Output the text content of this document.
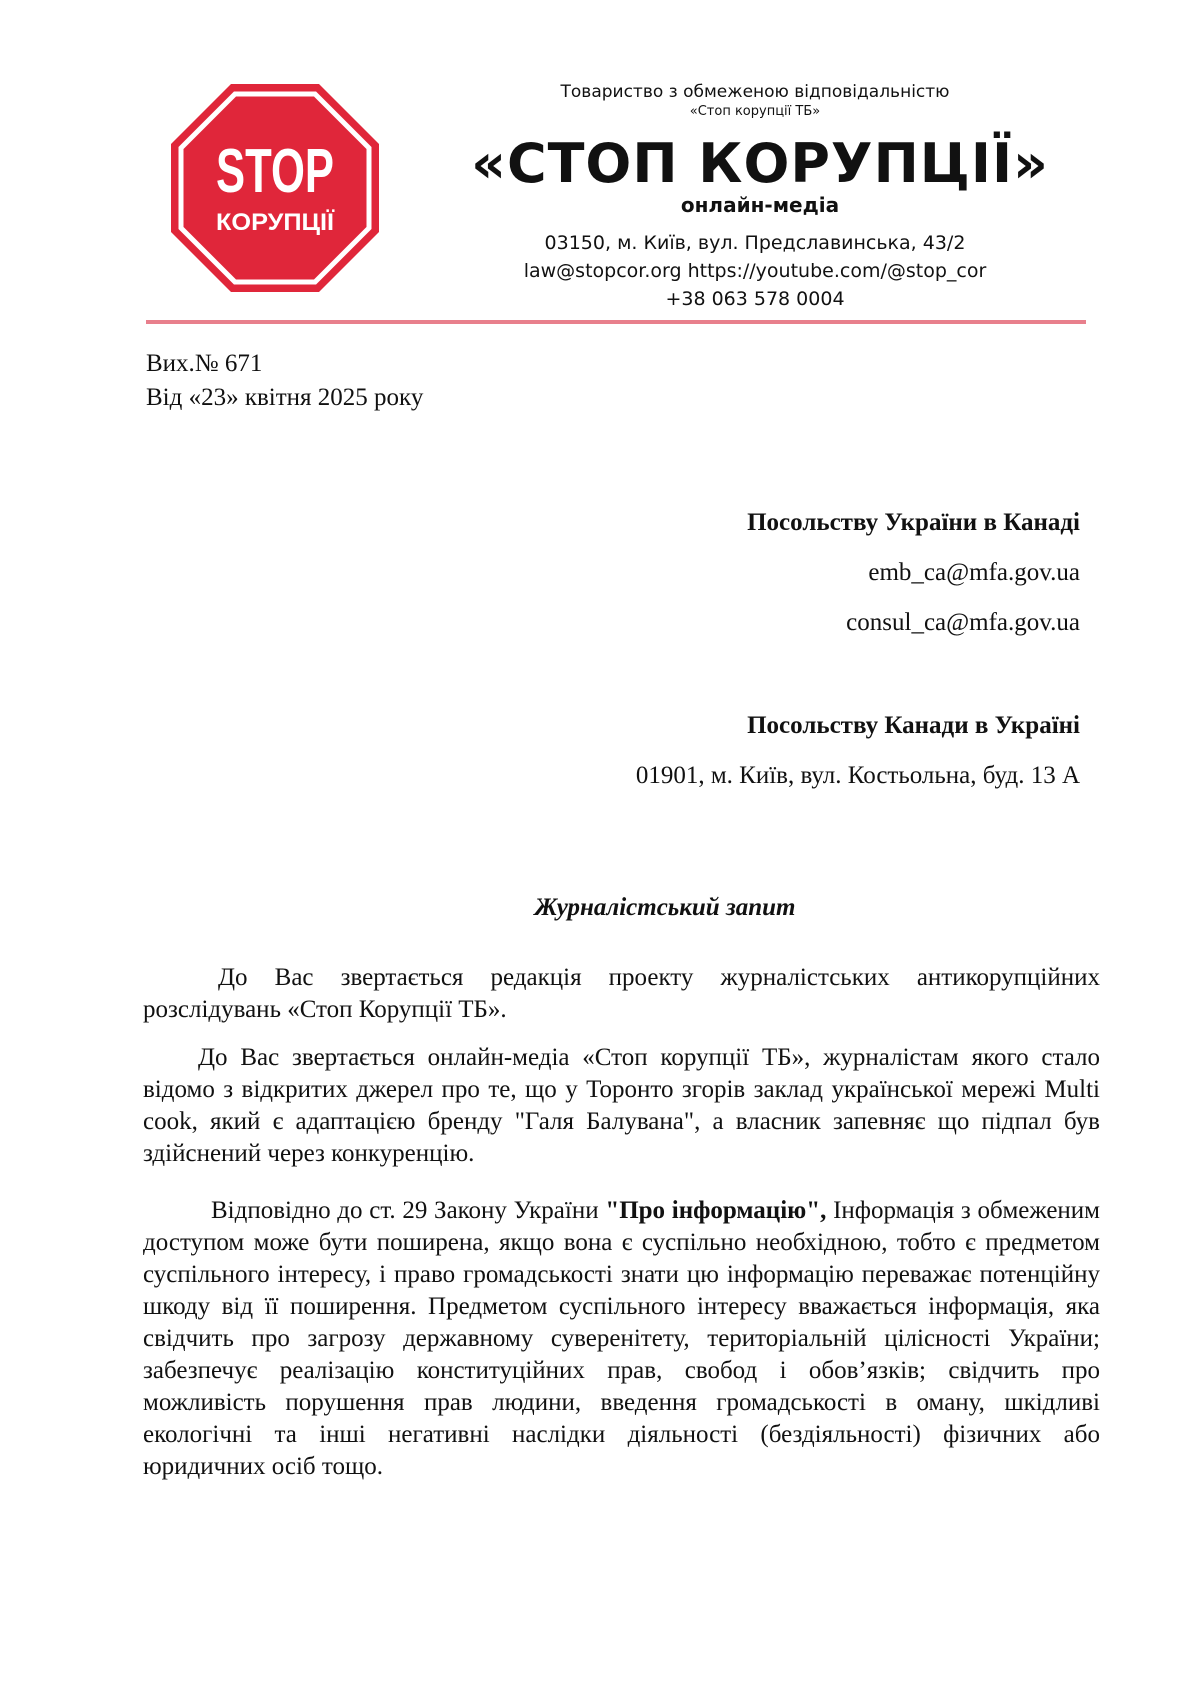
STOP
КОРУПЦІЇ
Товариство з обмеженою відповідальністю
«Стоп корупції ТБ»
«СТОП КОРУПЦІЇ»
онлайн-медіа
03150, м. Київ, вул. Предславинська, 43/2
law@stopcor.org https://youtube.com/@stop_cor
+38 063 578 0004
Вих.№ 671
Від «23» квітня 2025 року
Посольству України в Канаді
emb_ca@mfa.gov.ua
consul_ca@mfa.gov.ua
Посольству Канади в Україні
01901, м. Київ, вул. Костьольна, буд. 13 А
Журналістський запит
До Вас звертається редакція проекту журналістських антикорупційних розслідувань «Стоп Корупції ТБ».
До Вас звертається онлайн-медіа «Стоп корупції ТБ», журналістам якого стало відомо з відкритих джерел про те, що у Торонто згорів заклад української мережі Multi cook, який є адаптацією бренду "Галя Балувана", а власник запевняє що підпал був здійснений через конкуренцію.
Відповідно до ст. 29 Закону України "Про інформацію", Інформація з обмеженим доступом може бути поширена, якщо вона є суспільно необхідною, тобто є предметом суспільного інтересу, і право громадськості знати цю інформацію переважає потенційну шкоду від її поширення. Предметом суспільного інтересу вважається інформація, яка свідчить про загрозу державному суверенітету, територіальній цілісності України; забезпечує реалізацію конституційних прав, свобод і обов’язків; свідчить про можливість порушення прав людини, введення громадськості в оману, шкідливі екологічні та інші негативні наслідки діяльності (бездіяльності) фізичних або юридичних осіб тощо.
